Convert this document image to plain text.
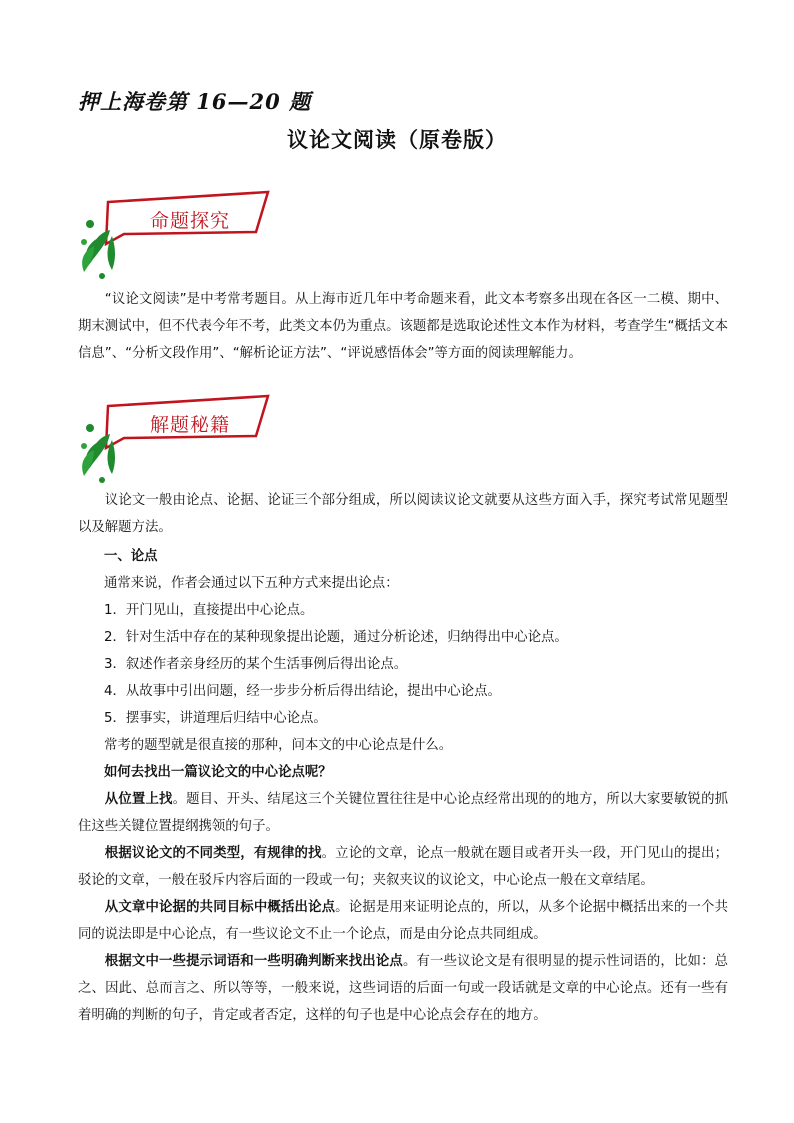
押上海卷第 16—20 题
议论文阅读（原卷版）
命题探究

“议论文阅读”是中考常考题目。从上海市近几年中考命题来看，此文本考察多出现在各区一二模、期中、期末测试中，但不代表今年不考，此类文本仍为重点。该题都是选取论述性文本作为材料，考查学生“概括文本信息”、“分析文段作用”、“解析论证方法”、“评说感悟体会”等方面的阅读理解能力。

解题秘籍

议论文一般由论点、论据、论证三个部分组成，所以阅读议论文就要从这些方面入手，探究考试常见题型以及解题方法。

一、论点

通常来说，作者会通过以下五种方式来提出论点：

1．开门见山，直接提出中心论点。

2．针对生活中存在的某种现象提出论题，通过分析论述，归纳得出中心论点。

3．叙述作者亲身经历的某个生活事例后得出论点。

4．从故事中引出问题，经一步步分析后得出结论，提出中心论点。

5．摆事实，讲道理后归结中心论点。

常考的题型就是很直接的那种，问本文的中心论点是什么。

如何去找出一篇议论文的中心论点呢？

从位置上找。题目、开头、结尾这三个关键位置往往是中心论点经常出现的的地方，所以大家要敏锐的抓住这些关键位置提纲携领的句子。

根据议论文的不同类型，有规律的找。立论的文章，论点一般就在题目或者开头一段，开门见山的提出；驳论的文章，一般在驳斥内容后面的一段或一句；夹叙夹议的议论文，中心论点一般在文章结尾。

从文章中论据的共同目标中概括出论点。论据是用来证明论点的，所以，从多个论据中概括出来的一个共同的说法即是中心论点，有一些议论文不止一个论点，而是由分论点共同组成。

根据文中一些提示词语和一些明确判断来找出论点。有一些议论文是有很明显的提示性词语的，比如：总之、因此、总而言之、所以等等，一般来说，这些词语的后面一句或一段话就是文章的中心论点。还有一些有着明确的判断的句子，肯定或者否定，这样的句子也是中心论点会存在的地方。
